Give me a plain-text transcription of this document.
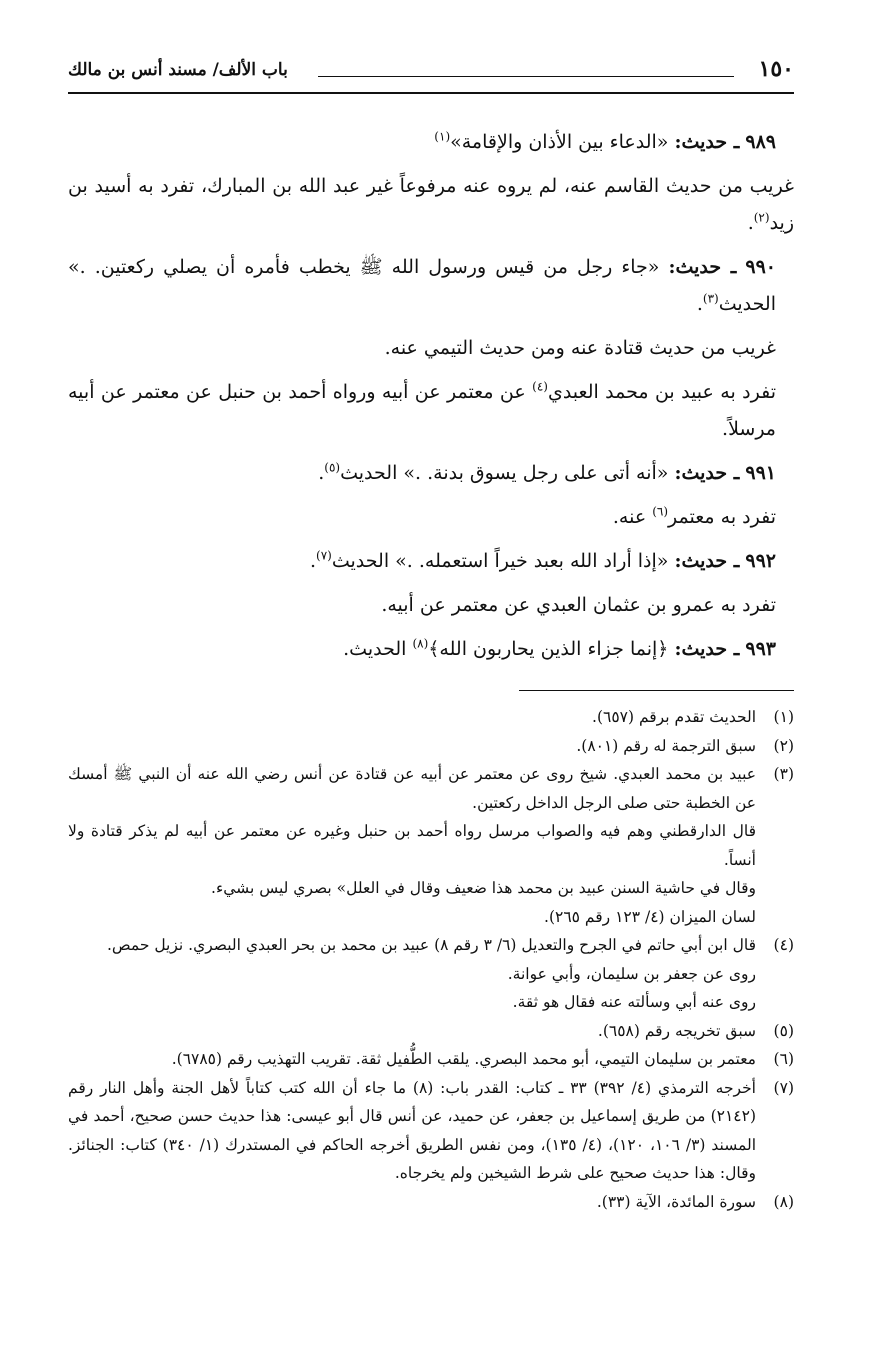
١٥٠
باب الألف/ مسند أنس بن مالك

٩٨٩ ـ حديث: «الدعاء بين الأذان والإقامة»$^{(١)}$

غريب من حديث القاسم عنه، لم يروه عنه مرفوعاً غير عبد الله بن المبارك، تفرد به أسيد بن زيد$^{(٢)}$.

٩٩٠ ـ حديث: «جاء رجل من قيس ورسول الله ﷺ يخطب فأمره أن يصلي ركعتين. .» الحديث$^{(٣)}$.

غريب من حديث قتادة عنه ومن حديث التيمي عنه.

تفرد به عبيد بن محمد العبدي$^{(٤)}$ عن معتمر عن أبيه ورواه أحمد بن حنبل عن معتمر عن أبيه مرسلاً.

٩٩١ ـ حديث: «أنه أتى على رجل يسوق بدنة. .» الحديث$^{(٥)}$.

تفرد به معتمر$^{(٦)}$ عنه.

٩٩٢ ـ حديث: «إذا أراد الله بعبد خيراً استعمله. .» الحديث$^{(٧)}$.

تفرد به عمرو بن عثمان العبدي عن معتمر عن أبيه.

٩٩٣ ـ حديث: ﴿إنما جزاء الذين يحاربون الله﴾$^{(٨)}$ الحديث.

(١)

الحديث تقدم برقم (٦٥٧).

(٢)

سبق الترجمة له رقم (٨٠١).

(٣)

عبيد بن محمد العبدي. شيخ روى عن معتمر عن أبيه عن قتادة عن أنس رضي الله عنه أن النبي ﷺ أمسك عن الخطبة حتى صلى الرجل الداخل ركعتين.

قال الدارقطني وهم فيه والصواب مرسل رواه أحمد بن حنبل وغيره عن معتمر عن أبيه لم يذكر قتادة ولا أنساً.

وقال في حاشية السنن عبيد بن محمد هذا ضعيف وقال في العلل» بصري ليس بشيء.

لسان الميزان (٤/ ١٢٣ رقم ٢٦٥).

(٤)

قال ابن أبي حاتم في الجرح والتعديل (٦/ ٣ رقم ٨) عبيد بن محمد بن بحر العبدي البصري. نزيل حمص.

روى عن جعفر بن سليمان، وأبي عوانة.

روى عنه أبي وسألته عنه فقال هو ثقة.

(٥)

سبق تخريجه رقم (٦٥٨).

(٦)

معتمر بن سليمان التيمي، أبو محمد البصري. يلقب الطُّفيل ثقة. تقريب التهذيب رقم (٦٧٨٥).

(٧)

أخرجه الترمذي (٤/ ٣٩٢) ٣٣ ـ كتاب: القدر باب: (٨) ما جاء أن الله كتب كتاباً لأهل الجنة وأهل النار رقم (٢١٤٢) من طريق إسماعيل بن جعفر، عن حميد، عن أنس قال أبو عيسى: هذا حديث حسن صحيح، أحمد في المسند (٣/ ١٠٦، ١٢٠)، (٤/ ١٣٥)، ومن نفس الطريق أخرجه الحاكم في المستدرك (١/ ٣٤٠) كتاب: الجنائز. وقال: هذا حديث صحيح على شرط الشيخين ولم يخرجاه.

(٨)

سورة المائدة، الآية (٣٣).
